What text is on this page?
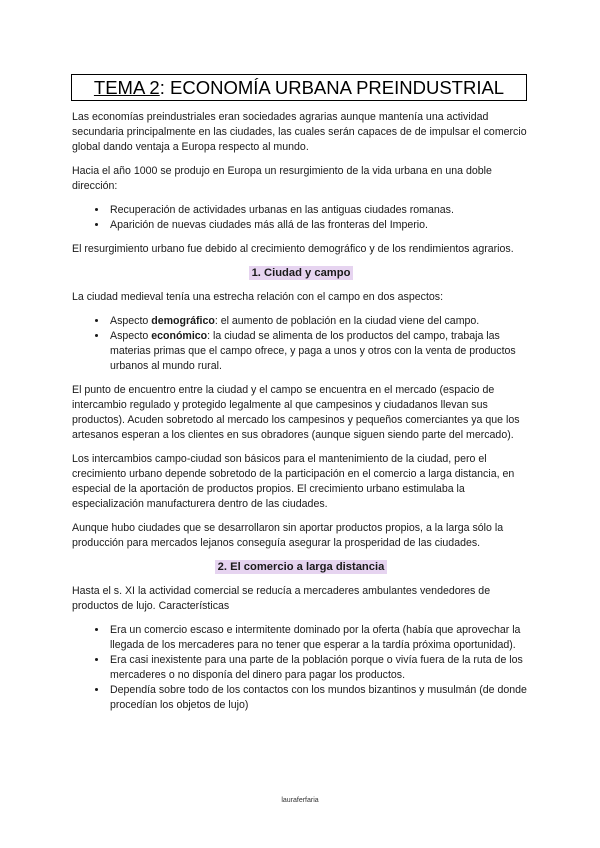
TEMA 2: ECONOMÍA URBANA PREINDUSTRIAL

Las economías preindustriales eran sociedades agrarias aunque mantenía una actividad secundaria principalmente en las ciudades, las cuales serán capaces de de impulsar el comercio global dando ventaja a Europa respecto al mundo.

Hacia el año 1000 se produjo en Europa un resurgimiento de la vida urbana en una doble dirección:

• Recuperación de actividades urbanas en las antiguas ciudades romanas.
• Aparición de nuevas ciudades más allá de las fronteras del Imperio.

El resurgimiento urbano fue debido al crecimiento demográfico y de los rendimientos agrarios.

1. Ciudad y campo

La ciudad medieval tenía una estrecha relación con el campo en dos aspectos:

• Aspecto demográfico: el aumento de población en la ciudad viene del campo.
• Aspecto económico: la ciudad se alimenta de los productos del campo, trabaja las materias primas que el campo ofrece, y paga a unos y otros con la venta de productos urbanos al mundo rural.

El punto de encuentro entre la ciudad y el campo se encuentra en el mercado (espacio de intercambio regulado y protegido legalmente al que campesinos y ciudadanos llevan sus productos). Acuden sobretodo al mercado los campesinos y pequeños comerciantes ya que los artesanos esperan a los clientes en sus obradores (aunque siguen siendo parte del mercado).

Los intercambios campo-ciudad son básicos para el mantenimiento de la ciudad, pero el crecimiento urbano depende sobretodo de la participación en el comercio a larga distancia, en especial de la aportación de productos propios. El crecimiento urbano estimulaba la especialización manufacturera dentro de las ciudades.

Aunque hubo ciudades que se desarrollaron sin aportar productos propios, a la larga sólo la producción para mercados lejanos conseguía asegurar la prosperidad de las ciudades.

2. El comercio a larga distancia

Hasta el s. XI la actividad comercial se reducía a mercaderes ambulantes vendedores de productos de lujo. Características

• Era un comercio escaso e intermitente dominado por la oferta (había que aprovechar la llegada de los mercaderes para no tener que esperar a la tardía próxima oportunidad).
• Era casi inexistente para una parte de la población porque o vivía fuera de la ruta de los mercaderes o no disponía del dinero para pagar los productos.
• Dependía sobre todo de los contactos con los mundos bizantinos y musulmán (de donde procedían los objetos de lujo)
lauraferfaria
